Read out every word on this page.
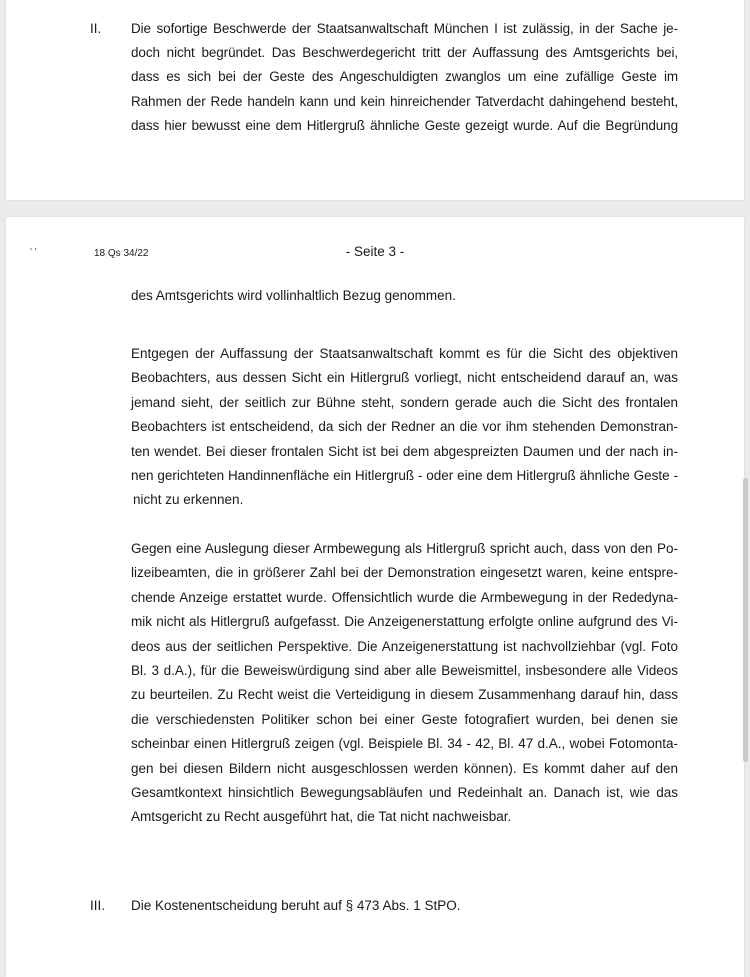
II. Die sofortige Beschwerde der Staatsanwaltschaft München I ist zulässig, in der Sache je-
doch nicht begründet. Das Beschwerdegericht tritt der Auffassung des Amtsgerichts bei,
dass es sich bei der Geste des Angeschuldigten zwanglos um eine zufällige Geste im
Rahmen der Rede handeln kann und kein hinreichender Tatverdacht dahingehend besteht,
dass hier bewusst eine dem Hitlergruß ähnliche Geste gezeigt wurde. Auf die Begründung
' '	18 Qs 34/22	- Seite 3 -
des Amtsgerichts wird vollinhaltlich Bezug genommen.
Entgegen der Auffassung der Staatsanwaltschaft kommt es für die Sicht des objektiven
Beobachters, aus dessen Sicht ein Hitlergruß vorliegt, nicht entscheidend darauf an, was
jemand sieht, der seitlich zur Bühne steht, sondern gerade auch die Sicht des frontalen
Beobachters ist entscheidend, da sich der Redner an die vor ihm stehenden Demonstran-
ten wendet. Bei dieser frontalen Sicht ist bei dem abgespreizten Daumen und der nach in-
nen gerichteten Handinnenfläche ein Hitlergruß - oder eine dem Hitlergruß ähnliche Geste -
nicht zu erkennen.
Gegen eine Auslegung dieser Armbewegung als Hitlergruß spricht auch, dass von den Po-
lizeibeamten, die in größerer Zahl bei der Demonstration eingesetzt waren, keine entspre-
chende Anzeige erstattet wurde. Offensichtlich wurde die Armbewegung in der Rededyna-
mik nicht als Hitlergruß aufgefasst. Die Anzeigenerstattung erfolgte online aufgrund des Vi-
deos aus der seitlichen Perspektive. Die Anzeigenerstattung ist nachvollziehbar (vgl. Foto
Bl. 3 d.A.), für die Beweiswürdigung sind aber alle Beweismittel, insbesondere alle Videos
zu beurteilen. Zu Recht weist die Verteidigung in diesem Zusammenhang darauf hin, dass
die verschiedensten Politiker schon bei einer Geste fotografiert wurden, bei denen sie
scheinbar einen Hitlergruß zeigen (vgl. Beispiele Bl. 34 - 42, Bl. 47 d.A., wobei Fotomonta-
gen bei diesen Bildern nicht ausgeschlossen werden können). Es kommt daher auf den
Gesamtkontext hinsichtlich Bewegungsabläufen und Redeinhalt an. Danach ist, wie das
Amtsgericht zu Recht ausgeführt hat, die Tat nicht nachweisbar.
III. Die Kostenentscheidung beruht auf § 473 Abs. 1 StPO.
